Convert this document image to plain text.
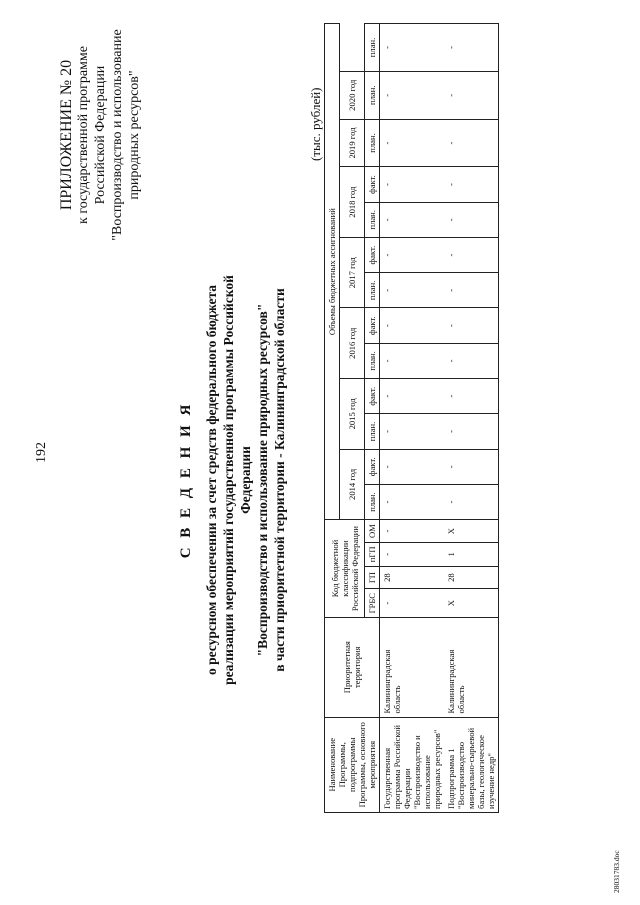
192
ПРИЛОЖЕНИЕ № 20 к государственной программе Российской Федерации "Воспроизводство и использование природных ресурсов"
С В Е Д Е Н И Я о ресурсном обеспечении за счет средств федерального бюджета реализации мероприятий государственной программы Российской Федерации "Воспроизводство и использование природных ресурсов" в части приоритетной территории - Калининградской области
(тыс. рублей)
Наименование Программы, подпрограммы Программы, основного мероприятия	Приоритетная территория	Код бюджетной классификации Российской Федерации				Объемы бюджетных ассигнований												
						2014 год		2015 год		2016 год		2017 год		2018 год		2019 год	2020 год	

		ГРБС	ГП	пГП	ОМ	план.	факт.	план.	факт.	план.	факт.	план.	факт.	план.	факт.	план.	план.	план.
Государственная программа Российской Федерации "Воспроизводство и использование природных ресурсов"	Калининградская область	-	28	-	-	-	-	-	-	-	-	-	-	-	-	-	-	-
Подпрограмма 1 "Воспроизводство минерально-сырьевой базы, геологическое изучение недр"	Калининградская область	X	28	1	X	-	-	-	-	-	-	-	-	-	-	-	-	-
28031783.doc
